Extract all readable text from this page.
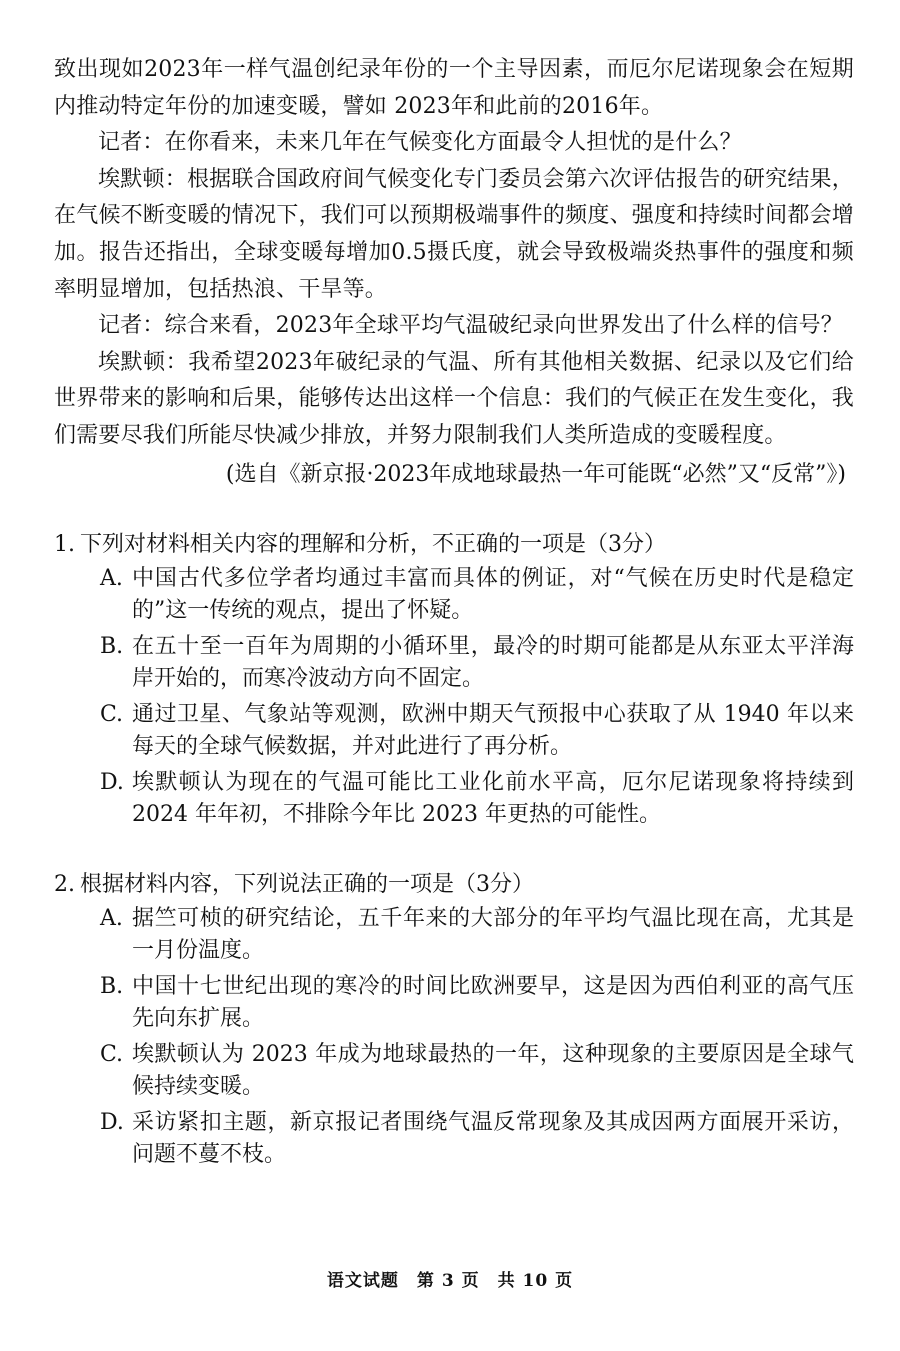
致出现如2023年一样气温创纪录年份的一个主导因素，而厄尔尼诺现象会在短期内推动特定年份的加速变暖，譬如 2023年和此前的2016年。

记者：在你看来，未来几年在气候变化方面最令人担忧的是什么？

埃默顿：根据联合国政府间气候变化专门委员会第六次评估报告的研究结果，在气候不断变暖的情况下，我们可以预期极端事件的频度、强度和持续时间都会增加。报告还指出，全球变暖每增加0.5摄氏度，就会导致极端炎热事件的强度和频率明显增加，包括热浪、干旱等。

记者：综合来看，2023年全球平均气温破纪录向世界发出了什么样的信号？

埃默顿：我希望2023年破纪录的气温、所有其他相关数据、纪录以及它们给世界带来的影响和后果，能够传达出这样一个信息：我们的气候正在发生变化，我们需要尽我们所能尽快减少排放，并努力限制我们人类所造成的变暖程度。

(选自《新京报·2023年成地球最热一年可能既“必然”又“反常”》)

1. 下列对材料相关内容的理解和分析，不正确的一项是（3分）

A. 中国古代多位学者均通过丰富而具体的例证，对“气候在历史时代是稳定的”这一传统的观点，提出了怀疑。
B. 在五十至一百年为周期的小循环里，最冷的时期可能都是从东亚太平洋海岸开始的，而寒冷波动方向不固定。
C. 通过卫星、气象站等观测，欧洲中期天气预报中心获取了从 1940 年以来每天的全球气候数据，并对此进行了再分析。
D. 埃默顿认为现在的气温可能比工业化前水平高，厄尔尼诺现象将持续到 2024 年年初，不排除今年比 2023 年更热的可能性。

2. 根据材料内容，下列说法正确的一项是（3分）

A. 据竺可桢的研究结论，五千年来的大部分的年平均气温比现在高，尤其是一月份温度。
B. 中国十七世纪出现的寒冷的时间比欧洲要早，这是因为西伯利亚的高气压先向东扩展。
C. 埃默顿认为 2023 年成为地球最热的一年，这种现象的主要原因是全球气候持续变暖。
D. 采访紧扣主题，新京报记者围绕气温反常现象及其成因两方面展开采访，问题不蔓不枝。
语文试题　第 3 页　共 10 页
